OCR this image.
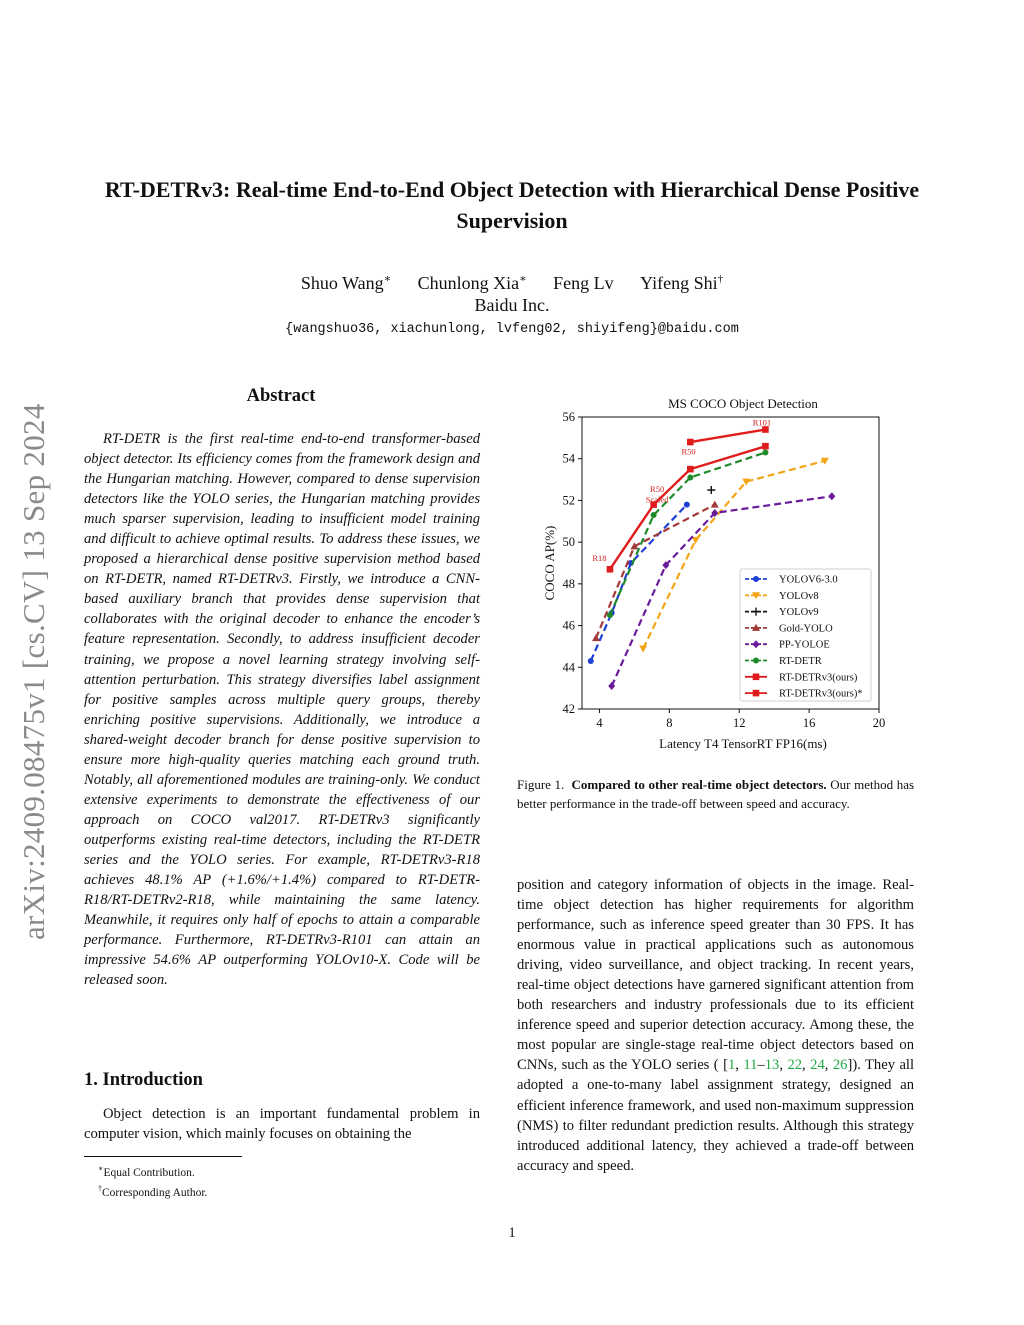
RT-DETRv3: Real-time End-to-End Object Detection with Hierarchical Dense Positive Supervision
Shuo Wang∗ Chunlong Xia∗ Feng Lv Yifeng Shi†
Baidu Inc.
{wangshuo36, xiachunlong, lvfeng02, shiyifeng}@baidu.com
arXiv:2409.08475v1 [cs.CV] 13 Sep 2024
Abstract

RT-DETR is the first real-time end-to-end transformer-based object detector. Its efficiency comes from the framework design and the Hungarian matching. However, compared to dense supervision detectors like the YOLO series, the Hungarian matching provides much sparser supervision, leading to insufficient model training and difficult to achieve optimal results. To address these issues, we proposed a hierarchical dense positive supervision method based on RT-DETR, named RT-DETRv3. Firstly, we introduce a CNN-based auxiliary branch that provides dense supervision that collaborates with the original decoder to enhance the encoder’s feature representation. Secondly, to address insufficient decoder training, we propose a novel learning strategy involving self-attention perturbation. This strategy diversifies label assignment for positive samples across multiple query groups, thereby enriching positive supervisions. Additionally, we introduce a shared-weight decoder branch for dense positive supervision to ensure more high-quality queries matching each ground truth. Notably, all aforementioned modules are training-only. We conduct extensive experiments to demonstrate the effectiveness of our approach on COCO val2017. RT-DETRv3 significantly outperforms existing real-time detectors, including the RT-DETR series and the YOLO series. For example, RT-DETRv3-R18 achieves 48.1% AP (+1.6%/+1.4%) compared to RT-DETR-R18/RT-DETRv2-R18, while maintaining the same latency. Meanwhile, it requires only half of epochs to attain a comparable performance. Furthermore, RT-DETRv3-R101 can attain an impressive 54.6% AP outperforming YOLOv10-X. Code will be released soon.

1. Introduction

Object detection is an important fundamental problem in computer vision, which mainly focuses on obtaining the

∗Equal Contribution.
†Corresponding Author.
MS COCO Object Detection
4	8	12	16	20
42
44
46
48
50
52
54
56
R18
R50
Scaled
R50
R101
YOLOV6-3.0
YOLOv8
YOLOv9
Gold-YOLO
PP-YOLOE
RT-DETR
RT-DETRv3(ours)
RT-DETRv3(ours)*
Latency T4 TensorRT FP16(ms)
COCO AP(%)
Figure 1. Compared to other real-time object detectors. Our method has better performance in the trade-off between speed and accuracy.
position and category information of objects in the image. Real-time object detection has higher requirements for algorithm performance, such as inference speed greater than 30 FPS. It has enormous value in practical applications such as autonomous driving, video surveillance, and object tracking. In recent years, real-time object detections have garnered significant attention from both researchers and industry professionals due to its efficient inference speed and superior detection accuracy. Among these, the most popular are single-stage real-time object detectors based on CNNs, such as the YOLO series ( [1, 11–13, 22, 24, 26]). They all adopted a one-to-many label assignment strategy, designed an efficient inference framework, and used non-maximum suppression (NMS) to filter redundant prediction results. Although this strategy introduced additional latency, they achieved a trade-off between accuracy and speed.
1
